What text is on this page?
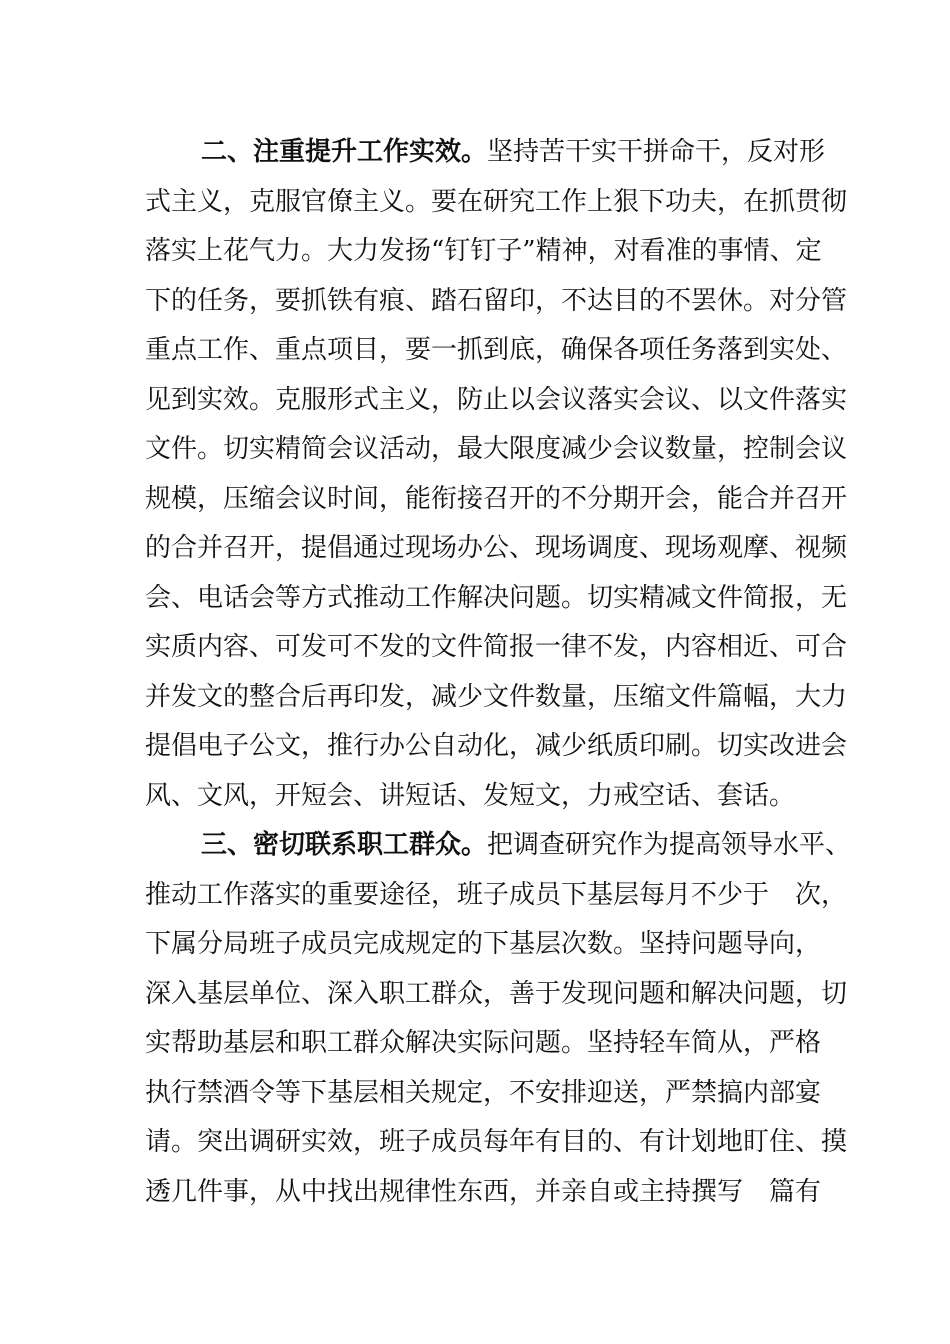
二、注重提升工作实效。坚持苦干实干拼命干，反对形
式主义，克服官僚主义。要在研究工作上狠下功夫，在抓贯彻
落实上花气力。大力发扬“钉钉子”精神，对看准的事情、定
下的任务，要抓铁有痕、踏石留印，不达目的不罢休。对分管
重点工作、重点项目，要一抓到底，确保各项任务落到实处、
见到实效。克服形式主义，防止以会议落实会议、以文件落实
文件。切实精简会议活动，最大限度减少会议数量，控制会议
规模，压缩会议时间，能衔接召开的不分期开会，能合并召开
的合并召开，提倡通过现场办公、现场调度、现场观摩、视频
会、电话会等方式推动工作解决问题。切实精减文件简报，无
实质内容、可发可不发的文件简报一律不发，内容相近、可合
并发文的整合后再印发，减少文件数量，压缩文件篇幅，大力
提倡电子公文，推行办公自动化，减少纸质印刷。切实改进会
风、文风，开短会、讲短话、发短文，力戒空话、套话。
三、密切联系职工群众。把调查研究作为提高领导水平、
推动工作落实的重要途径，班子成员下基层每月不少于　次，
下属分局班子成员完成规定的下基层次数。坚持问题导向，
深入基层单位、深入职工群众，善于发现问题和解决问题，切
实帮助基层和职工群众解决实际问题。坚持轻车简从，严格
执行禁酒令等下基层相关规定，不安排迎送，严禁搞内部宴
请。突出调研实效，班子成员每年有目的、有计划地盯住、摸
透几件事，从中找出规律性东西，并亲自或主持撰写　篇有
